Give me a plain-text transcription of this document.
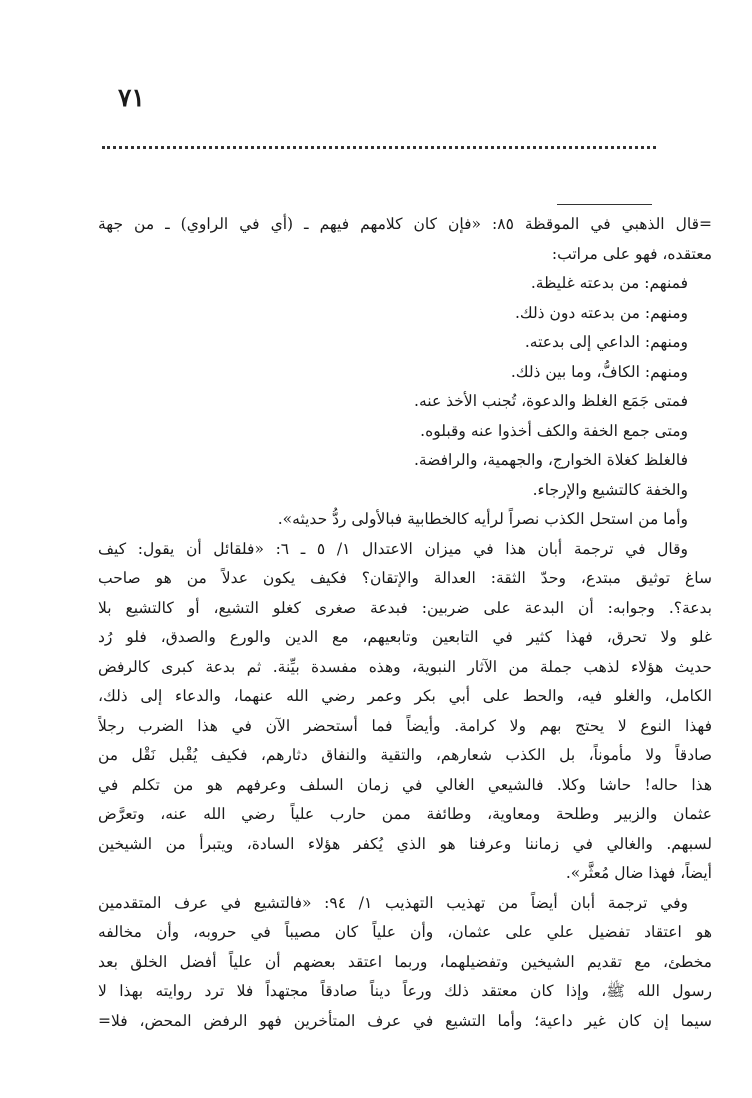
٧١
=قال الذهبي في الموقظة ٨٥: «فإن كان كلامهم فيهم ـ (أي في الراوي) ـ من جهة
معتقده، فهو على مراتب:
فمنهم: من بدعته غليظة.
ومنهم: من بدعته دون ذلك.
ومنهم: الداعي إلى بدعته.
ومنهم: الكافُّ، وما بين ذلك.
فمتى جَمَع الغلظ والدعوة، تُجنب الأخذ عنه.
ومتى جمع الخفة والكف أخذوا عنه وقبلوه.
فالغلظ كغلاة الخوارج، والجهمية، والرافضة.
والخفة كالتشيع والإرجاء.
وأما من استحل الكذب نصراً لرأيه كالخطابية فبالأولى ردُّ حديثه».
وقال في ترجمة أبان هذا في ميزان الاعتدال ١/ ٥ ـ ٦: «فلقائل أن يقول: كيف
ساغ توثيق مبتدع، وحدّ الثقة: العدالة والإتقان؟ فكيف يكون عدلاً من هو صاحب
بدعة؟. وجوابه: أن البدعة على ضربين: فبدعة صغرى كغلو التشيع، أو كالتشيع بلا
غلو ولا تحرق، فهذا كثير في التابعين وتابعيهم، مع الدين والورع والصدق، فلو رُد
حديث هؤلاء لذهب جملة من الآثار النبوية، وهذه مفسدة بيِّنة. ثم بدعة كبرى كالرفض
الكامل، والغلو فيه، والحط على أبي بكر وعمر رضي الله عنهما، والدعاء إلى ذلك،
فهذا النوع لا يحتج بهم ولا كرامة. وأيضاً فما أستحضر الآن في هذا الضرب رجلاً
صادقاً ولا مأموناً، بل الكذب شعارهم، والتقية والنفاق دثارهم، فكيف يُقْبل نَقْل من
هذا حاله! حاشا وكلا. فالشيعي الغالي في زمان السلف وعرفهم هو من تكلم في
عثمان والزبير وطلحة ومعاوية، وطائفة ممن حارب علياً رضي الله عنه، وتعرَّض
لسبهم. والغالي في زماننا وعرفنا هو الذي يُكفر هؤلاء السادة، ويتبرأ من الشيخين
أيضاً، فهذا ضال مُعثَّر».
وفي ترجمة أبان أيضاً من تهذيب التهذيب ١/ ٩٤: «فالتشيع في عرف المتقدمين
هو اعتقاد تفضيل علي على عثمان، وأن علياً كان مصيباً في حروبه، وأن مخالفه
مخطئ، مع تقديم الشيخين وتفضيلهما، وربما اعتقد بعضهم أن علياً أفضل الخلق بعد
رسول الله ﷺ، وإذا كان معتقد ذلك ورعاً ديناً صادقاً مجتهداً فلا ترد روايته بهذا لا
سيما إن كان غير داعية؛ وأما التشيع في عرف المتأخرين فهو الرفض المحض، فلا=
